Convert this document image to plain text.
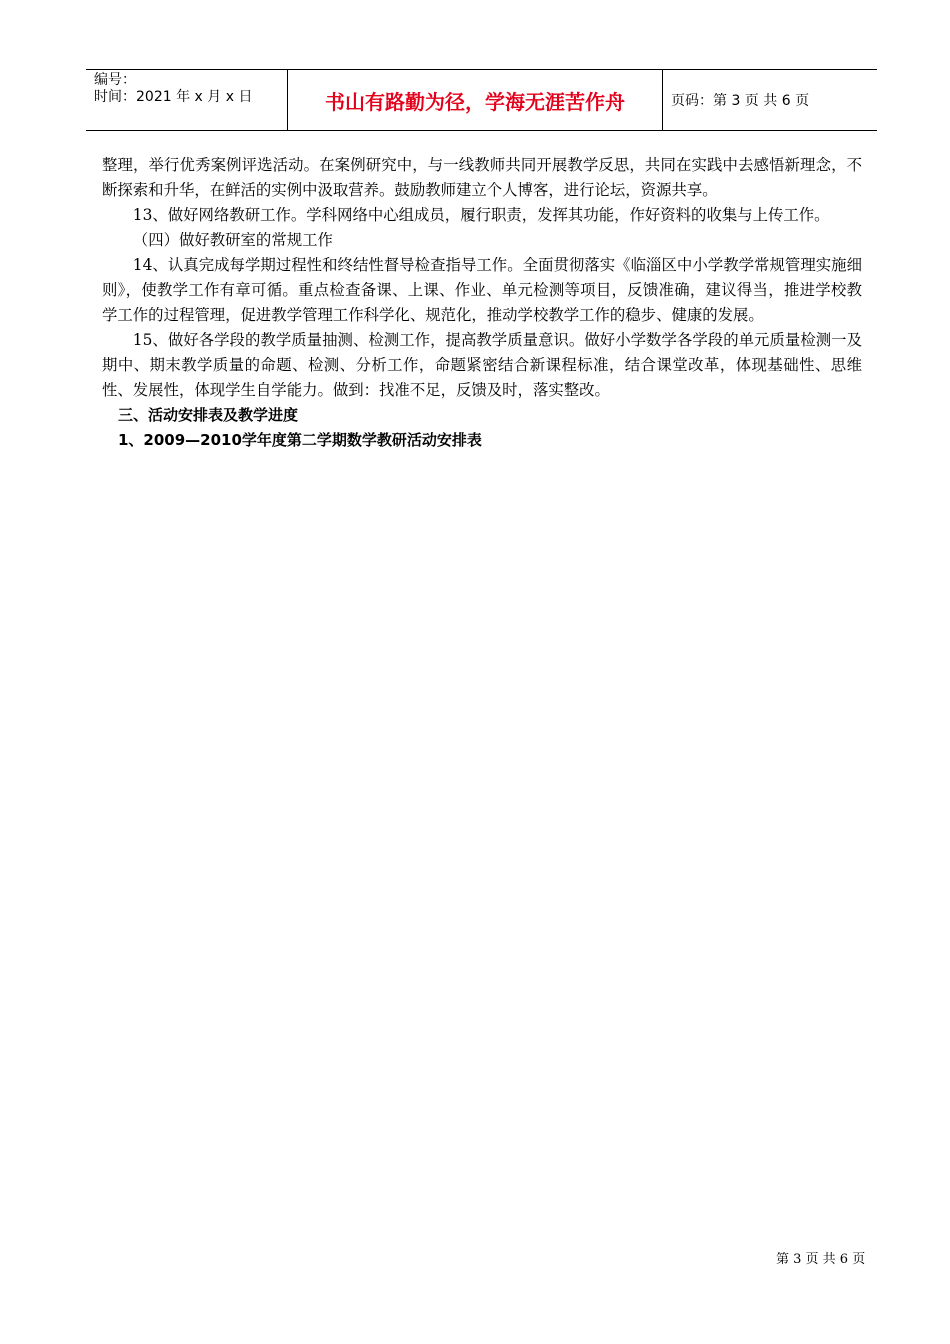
编号：
时间：2021 年 x 月 x 日	书山有路勤为径，学海无涯苦作舟	页码：第 3 页 共 6 页

整理，举行优秀案例评选活动。在案例研究中，与一线教师共同开展教学反思，共同在实践中去感悟新理念，不断探索和升华，在鲜活的实例中汲取营养。鼓励教师建立个人博客，进行论坛，资源共享。

13、做好网络教研工作。学科网络中心组成员，履行职责，发挥其功能，作好资料的收集与上传工作。

（四）做好教研室的常规工作

14、认真完成每学期过程性和终结性督导检查指导工作。全面贯彻落实《临淄区中小学教学常规管理实施细则》，使教学工作有章可循。重点检查备课、上课、作业、单元检测等项目，反馈准确，建议得当，推进学校教学工作的过程管理，促进教学管理工作科学化、规范化，推动学校教学工作的稳步、健康的发展。

15、做好各学段的教学质量抽测、检测工作，提高教学质量意识。做好小学数学各学段的单元质量检测一及期中、期末教学质量的命题、检测、分析工作，命题紧密结合新课程标准，结合课堂改革，体现基础性、思维性、发展性，体现学生自学能力。做到：找准不足，反馈及时，落实整改。

三、活动安排表及教学进度

1、2009—2010学年度第二学期数学教研活动安排表

第 3 页 共 6 页
